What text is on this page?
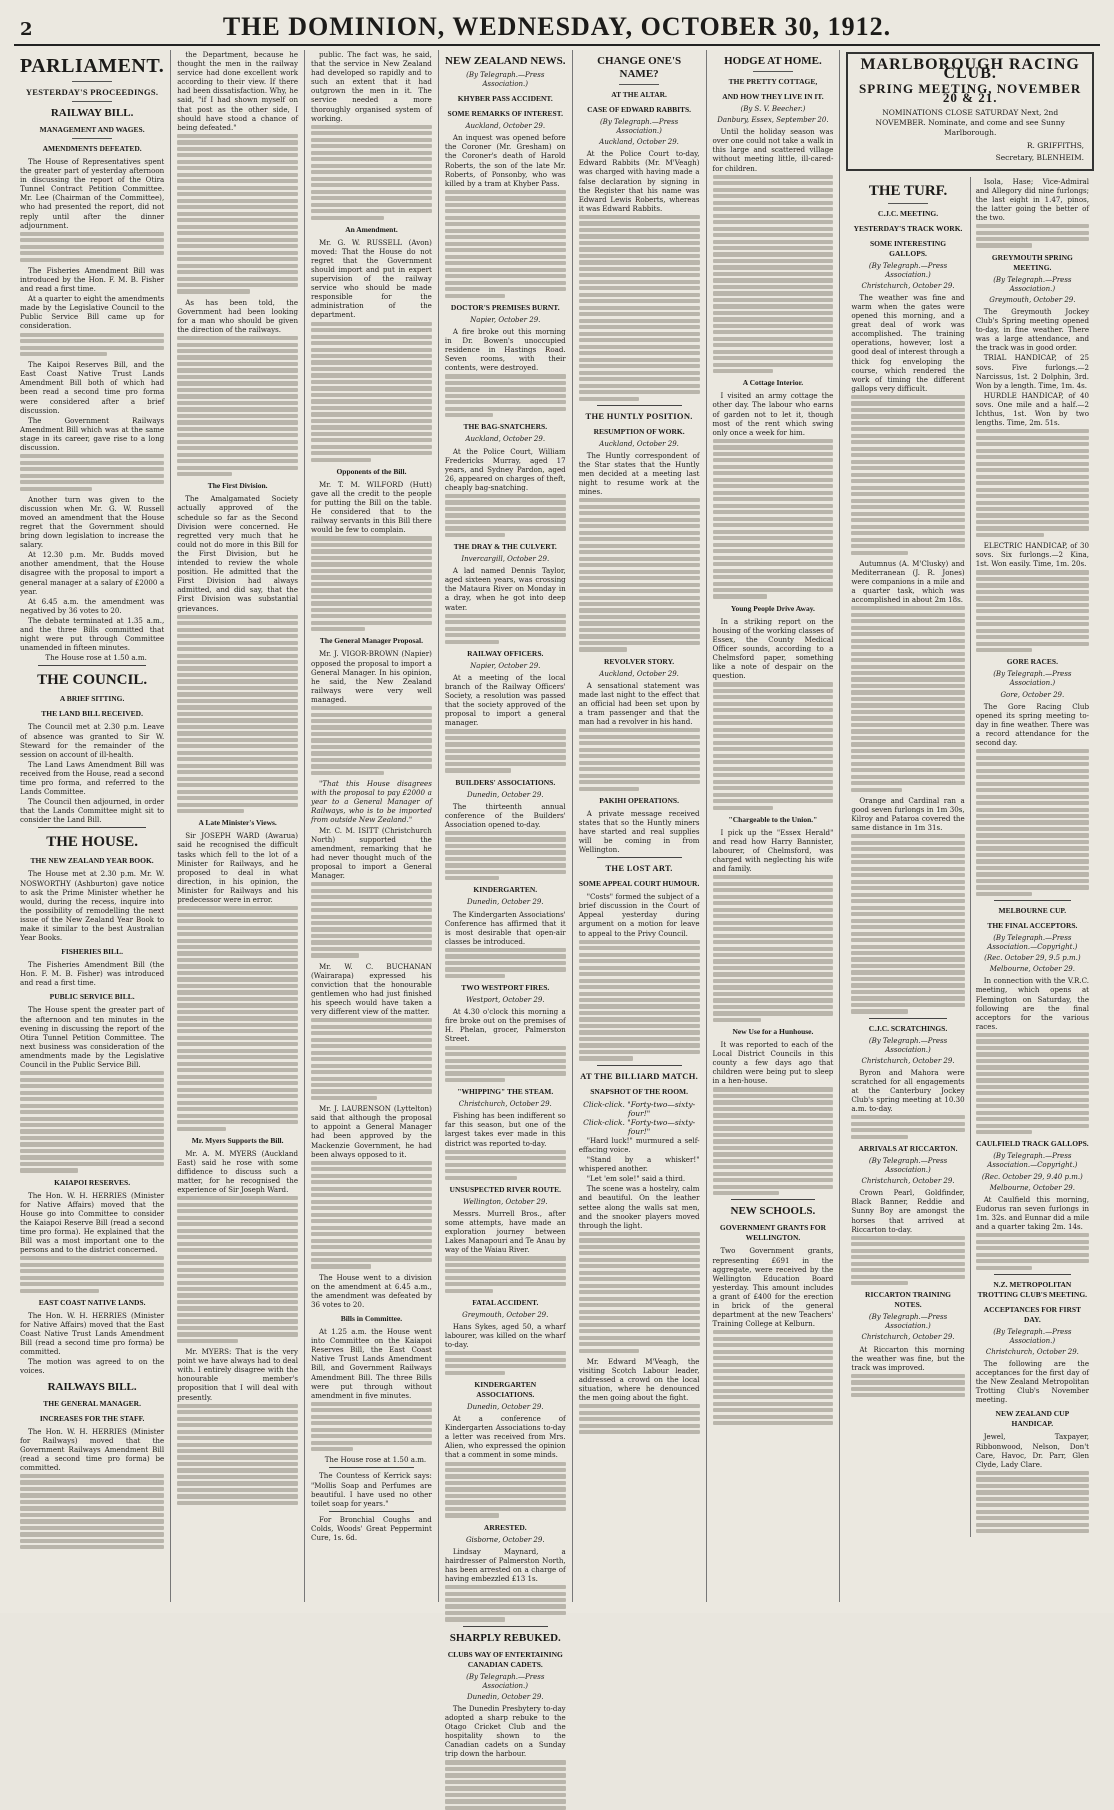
2	THE DOMINION, WEDNESDAY, OCTOBER 30, 1912.
PARLIAMENT.
YESTERDAY'S PROCEEDINGS.
RAILWAY BILL.
MANAGEMENT AND WAGES.
AMENDMENTS DEFEATED.

The House of Representatives spent the greater part of yesterday afternoon in discussing the report of the Otira Tunnel Contract Petition Committee. Mr. Lee (Chairman of the Committee), who had presented the report, did not reply until after the dinner adjournment.

The Fisheries Amendment Bill was introduced by the Hon. F. M. B. Fisher and read a first time.

At a quarter to eight the amendments made by the Legislative Council to the Public Service Bill came up for consideration.

The Kaipoi Reserves Bill, and the East Coast Native Trust Lands Amendment Bill both of which had been read a second time pro forma were considered after a brief discussion.

The Government Railways Amendment Bill which was at the same stage in its career, gave rise to a long discussion.

Another turn was given to the discussion when Mr. G. W. Russell moved an amendment that the House regret that the Government should bring down legislation to increase the salary.

At 12.30 p.m. Mr. Budds moved another amendment, that the House disagree with the proposal to import a general manager at a salary of £2000 a year.

At 6.45 a.m. the amendment was negatived by 36 votes to 20.

The debate terminated at 1.35 a.m., and the three Bills committed that night were put through Committee unamended in fifteen minutes.

The House rose at 1.50 a.m.

THE COUNCIL.
A BRIEF SITTING.
THE LAND BILL RECEIVED.

The Council met at 2.30 p.m. Leave of absence was granted to Sir W. Steward for the remainder of the session on account of ill-health.

The Land Laws Amendment Bill was received from the House, read a second time pro forma, and referred to the Lands Committee.

The Council then adjourned, in order that the Lands Committee might sit to consider the Land Bill.

THE HOUSE.
THE NEW ZEALAND YEAR BOOK.

The House met at 2.30 p.m. Mr. W. NOSWORTHY (Ashburton) gave notice to ask the Prime Minister whether he would, during the recess, inquire into the possibility of remodelling the next issue of the New Zealand Year Book to make it similar to the best Australian Year Books.

FISHERIES BILL.

The Fisheries Amendment Bill (the Hon. F. M. B. Fisher) was introduced and read a first time.

PUBLIC SERVICE BILL.

The House spent the greater part of the afternoon and ten minutes in the evening in discussing the report of the Otira Tunnel Petition Committee. The next business was consideration of the amendments made by the Legislative Council in the Public Service Bill.

KAIAPOI RESERVES.

The Hon. W. H. HERRIES (Minister for Native Affairs) moved that the House go into Committee to consider the Kaiapoi Reserve Bill (read a second time pro forma). He explained that the Bill was a most important one to the persons and to the district concerned.

EAST COAST NATIVE LANDS.

The Hon. W. H. HERRIES (Minister for Native Affairs) moved that the East Coast Native Trust Lands Amendment Bill (read a second time pro forma) be committed.

The motion was agreed to on the voices.

RAILWAYS BILL.
THE GENERAL MANAGER.
INCREASES FOR THE STAFF.

The Hon. W. H. HERRIES (Minister for Railways) moved that the Government Railways Amendment Bill (read a second time pro forma) be committed.

the Department, because he thought the men in the railway service had done excellent work according to their view. If there had been dissatisfaction. Why, he said, "if I had shown myself on that post as the other side, I should have stood a chance of being defeated."

As has been told, the Government had been looking for a man who should be given the direction of the railways.

The First Division.

The Amalgamated Society actually approved of the schedule so far as the Second Division were concerned. He regretted very much that he could not do more in this Bill for the First Division, but he intended to review the whole position. He admitted that the First Division had always admitted, and did say, that the First Division was substantial grievances.

A Late Minister's Views.

Sir JOSEPH WARD (Awarua) said he recognised the difficult tasks which fell to the lot of a Minister for Railways, and he proposed to deal in what direction, in his opinion, the Minister for Railways and his predecessor were in error.

Mr. Myers Supports the Bill.

Mr. A. M. MYERS (Auckland East) said he rose with some diffidence to discuss such a matter, for he recognised the experience of Sir Joseph Ward.

Mr. MYERS: That is the very point we have always had to deal with. I entirely disagree with the honourable member's proposition that I will deal with presently.

public. The fact was, he said, that the service in New Zealand had developed so rapidly and to such an extent that it had outgrown the men in it. The service needed a more thoroughly organised system of working.

An Amendment.

Mr. G. W. RUSSELL (Avon) moved: That the House do not regret that the Government should import and put in expert supervision of the railway service who should be made responsible for the administration of the department.

Opponents of the Bill.

Mr. T. M. WILFORD (Hutt) gave all the credit to the people for putting the Bill on the table. He considered that to the railway servants in this Bill there would be few to complain.

The General Manager Proposal.

Mr. J. VIGOR-BROWN (Napier) opposed the proposal to import a General Manager. In his opinion, he said, the New Zealand railways were very well managed.

"That this House disagrees with the proposal to pay £2000 a year to a General Manager of Railways, who is to be imported from outside New Zealand."

Mr. C. M. ISITT (Christchurch North) supported the amendment, remarking that he had never thought much of the proposal to import a General Manager.

Mr. W. C. BUCHANAN (Wairarapa) expressed his conviction that the honourable gentlemen who had just finished his speech would have taken a very different view of the matter.

Mr. J. LAURENSON (Lyttelton) said that although the proposal to appoint a General Manager had been approved by the Mackenzie Government, he had been always opposed to it.

The House went to a division on the amendment at 6.45 a.m., the amendment was defeated by 36 votes to 20.

Bills in Committee.

At 1.25 a.m. the House went into Committee on the Kaiapoi Reserves Bill, the East Coast Native Trust Lands Amendment Bill, and Government Railways Amendment Bill. The three Bills were put through without amendment in five minutes.

The House rose at 1.50 a.m.

The Countess of Kerrick says: "Mollis Soap and Perfumes are beautiful. I have used no other toilet soap for years."

For Bronchial Coughs and Colds, Woods' Great Peppermint Cure, 1s. 6d.

NEW ZEALAND NEWS.
(By Telegraph.—Press Association.)
KHYBER PASS ACCIDENT.
SOME REMARKS OF INTEREST.
Auckland, October 29.

An inquest was opened before the Coroner (Mr. Gresham) on the Coroner's death of Harold Roberts, the son of the late Mr. Roberts, of Ponsonby, who was killed by a tram at Khyber Pass.

DOCTOR'S PREMISES BURNT.
Napier, October 29.

A fire broke out this morning in Dr. Bowen's unoccupied residence in Hastings Road. Seven rooms, with their contents, were destroyed.

THE BAG-SNATCHERS.
Auckland, October 29.

At the Police Court, William Fredericks Murray, aged 17 years, and Sydney Pardon, aged 26, appeared on charges of theft, cheaply bag-snatching.

THE DRAY & THE CULVERT.
Invercargill, October 29.

A lad named Dennis Taylor, aged sixteen years, was crossing the Mataura River on Monday in a dray, when he got into deep water.

RAILWAY OFFICERS.
Napier, October 29.

At a meeting of the local branch of the Railway Officers' Society, a resolution was passed that the society approved of the proposal to import a general manager.

BUILDERS' ASSOCIATIONS.
Dunedin, October 29.

The thirteenth annual conference of the Builders' Association opened to-day.

KINDERGARTEN.
Dunedin, October 29.

The Kindergarten Associations' Conference has affirmed that it is most desirable that open-air classes be introduced.

TWO WESTPORT FIRES.
Westport, October 29.

At 4.30 o'clock this morning a fire broke out on the premises of H. Phelan, grocer, Palmerston Street.

"WHIPPING" THE STEAM.
Christchurch, October 29.

Fishing has been indifferent so far this season, but one of the largest takes ever made in this district was reported to-day.

UNSUSPECTED RIVER ROUTE.
Wellington, October 29.

Messrs. Murrell Bros., after some attempts, have made an exploration journey between Lakes Manapouri and Te Anau by way of the Waiau River.

FATAL ACCIDENT.
Greymouth, October 29.

Hans Sykes, aged 50, a wharf labourer, was killed on the wharf to-day.

KINDERGARTEN ASSOCIATIONS.
Dunedin, October 29.

At a conference of Kindergarten Associations to-day a letter was received from Mrs. Alien, who expressed the opinion that a comment in some minds.

ARRESTED.
Gisborne, October 29.

Lindsay Maynard, a hairdresser of Palmerston North, has been arrested on a charge of having embezzled £13 1s.

SHARPLY REBUKED.
CLUBS WAY OF ENTERTAINING CANADIAN CADETS.
(By Telegraph.—Press Association.)
Dunedin, October 29.

The Dunedin Presbytery to-day adopted a sharp rebuke to the Otago Cricket Club and the hospitality shown to the Canadian cadets on a Sunday trip down the harbour.

CHANGE ONE'S NAME?
AT THE ALTAR.
CASE OF EDWARD RABBITS.
(By Telegraph.—Press Association.)
Auckland, October 29.

At the Police Court to-day, Edward Rabbits (Mr. M'Veagh) was charged with having made a false declaration by signing in the Register that his name was Edward Lewis Roberts, whereas it was Edward Rabbits.

THE HUNTLY POSITION.
RESUMPTION OF WORK.
Auckland, October 29.

The Huntly correspondent of the Star states that the Huntly men decided at a meeting last night to resume work at the mines.

REVOLVER STORY.
Auckland, October 29.

A sensational statement was made last night to the effect that an official had been set upon by a tram passenger and that the man had a revolver in his hand.

PAKIHI OPERATIONS.

A private message received states that so the Huntly miners have started and real supplies will be coming in from Wellington.

THE LOST ART.
SOME APPEAL COURT HUMOUR.

"Costs" formed the subject of a brief discussion in the Court of Appeal yesterday during argument on a motion for leave to appeal to the Privy Council.

AT THE BILLIARD MATCH.
SNAPSHOT OF THE ROOM.

Click-click. "Forty-two—sixty-four!"

Click-click. "Forty-two—sixty-four!"

"Hard luck!" murmured a self-effacing voice.

"Stand by a whisker!" whispered another.

"Let 'em sole!" said a third.

The scene was a hostelry, calm and beautiful. On the leather settee along the walls sat men, and the snooker players moved through the light.

Mr. Edward M'Veagh, the visiting Scotch Labour leader, addressed a crowd on the local situation, where he denounced the men going about the fight.

HODGE AT HOME.
THE PRETTY COTTAGE,
AND HOW THEY LIVE IN IT.
(By S. V. Beecher.)
Danbury, Essex, September 20.

Until the holiday season was over one could not take a walk in this large and scattered village without meeting little, ill-cared-for children.

A Cottage Interior.

I visited an army cottage the other day. The labour who earns of garden not to let it, though most of the rent which swing only once a week for him.

Young People Drive Away.

In a striking report on the housing of the working classes of Essex, the County Medical Officer sounds, according to a Chelmsford paper, something like a note of despair on the question.

"Chargeable to the Union."

I pick up the "Essex Herald" and read how Harry Bannister, labourer, of Chelmsford, was charged with neglecting his wife and family.

New Use for a Hunhouse.

It was reported to each of the Local District Councils in this county a few days ago that children were being put to sleep in a hen-house.

NEW SCHOOLS.
GOVERNMENT GRANTS FOR WELLINGTON.

Two Government grants, representing £691 in the aggregate, were received by the Wellington Education Board yesterday. This amount includes a grant of £400 for the erection in brick of the general department at the new Teachers' Training College at Kelburn.

MARLBOROUGH RACING CLUB.
SPRING MEETING, NOVEMBER 20 & 21.
NOMINATIONS CLOSE SATURDAY Next, 2nd NOVEMBER. Nominate, and come and see Sunny Marlborough.
R. GRIFFITHS,
Secretary, BLENHEIM.
THE TURF.
C.J.C. MEETING.
YESTERDAY'S TRACK WORK.
SOME INTERESTING GALLOPS.
(By Telegraph.—Press Association.)
Christchurch, October 29.

The weather was fine and warm when the gates were opened this morning, and a great deal of work was accomplished. The training operations, however, lost a good deal of interest through a thick fog enveloping the course, which rendered the work of timing the different gallops very difficult.

Autumnus (A. M'Clusky) and Mediterranean (J. R. Jones) were companions in a mile and a quarter task, which was accomplished in about 2m 18s.

Orange and Cardinal ran a good seven furlongs in 1m 30s, Kilroy and Pataroa covered the same distance in 1m 31s.

C.J.C. SCRATCHINGS.
(By Telegraph.—Press Association.)
Christchurch, October 29.

Byron and Mahora were scratched for all engagements at the Canterbury Jockey Club's spring meeting at 10.30 a.m. to-day.

ARRIVALS AT RICCARTON.
(By Telegraph.—Press Association.)
Christchurch, October 29.

Crown Pearl, Goldfinder, Black Banner, Reddie and Sunny Boy are amongst the horses that arrived at Riccarton to-day.

RICCARTON TRAINING NOTES.
(By Telegraph.—Press Association.)
Christchurch, October 29.

At Riccarton this morning the weather was fine, but the track was improved.

Isola, Hase; Vice-Admiral and Allegory did nine furlongs; the last eight in 1.47, pinos, the latter going the better of the two.

GREYMOUTH SPRING MEETING.
(By Telegraph.—Press Association.)
Greymouth, October 29.

The Greymouth Jockey Club's Spring meeting opened to-day, in fine weather. There was a large attendance, and the track was in good order.

TRIAL HANDICAP, of 25 sovs. Five furlongs.—2 Narcissus, 1st. 2 Dolphin, 3rd. Won by a length. Time, 1m. 4s.

HURDLE HANDICAP, of 40 sovs. One mile and a half.—2 Ichthus, 1st. Won by two lengths. Time, 2m. 51s.

ELECTRIC HANDICAP, of 30 sovs. Six furlongs.—2 Kina, 1st. Won easily. Time, 1m. 20s.

GORE RACES.
(By Telegraph.—Press Association.)
Gore, October 29.

The Gore Racing Club opened its spring meeting to-day in fine weather. There was a record attendance for the second day.

MELBOURNE CUP.
THE FINAL ACCEPTORS.
(By Telegraph.—Press Association.—Copyright.)
(Rec. October 29, 9.5 p.m.)
Melbourne, October 29.

In connection with the V.R.C. meeting, which opens at Flemington on Saturday, the following are the final acceptors for the various races.

CAULFIELD TRACK GALLOPS.
(By Telegraph.—Press Association.—Copyright.)
(Rec. October 29, 9.40 p.m.)
Melbourne, October 29.

At Caulfield this morning, Eudorus ran seven furlongs in 1m. 32s. and Eunnar did a mile and a quarter taking 2m. 14s.

N.Z. METROPOLITAN TROTTING CLUB'S MEETING.
ACCEPTANCES FOR FIRST DAY.
(By Telegraph.—Press Association.)
Christchurch, October 29.

The following are the acceptances for the first day of the New Zealand Metropolitan Trotting Club's November meeting.

NEW ZEALAND CUP HANDICAP.

Jewel, Taxpayer, Ribbonwood, Nelson, Don't Care, Havoc, Dr. Parr, Glen Clyde, Lady Clare.
